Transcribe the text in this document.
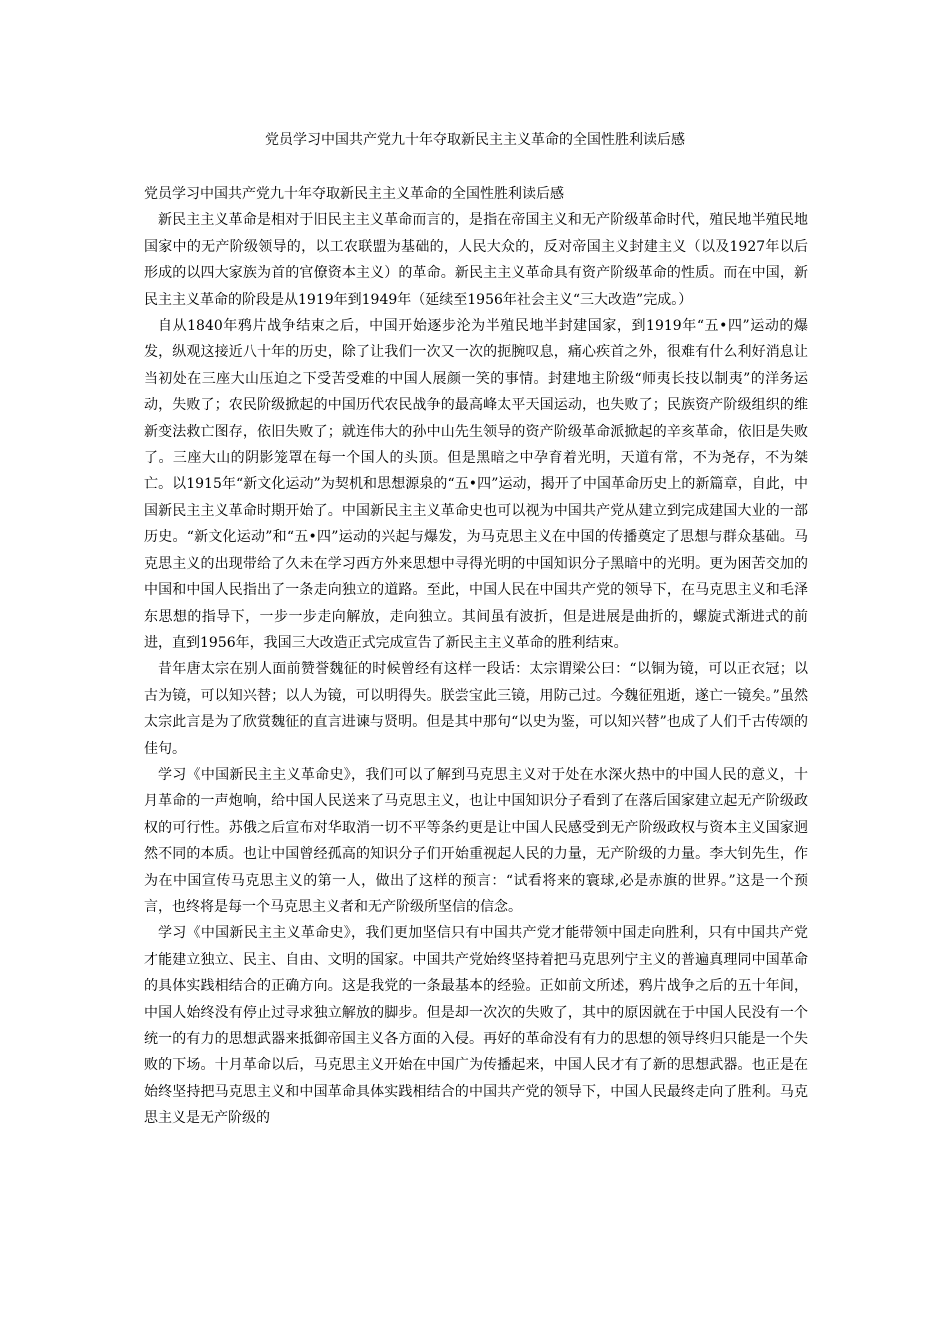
党员学习中国共产党九十年夺取新民主主义革命的全国性胜利读后感

党员学习中国共产党九十年夺取新民主主义革命的全国性胜利读后感

新民主主义革命是相对于旧民主主义革命而言的，是指在帝国主义和无产阶级革命时代，殖民地半殖民地国家中的无产阶级领导的，以工农联盟为基础的，人民大众的，反对帝国主义封建主义（以及1927年以后形成的以四大家族为首的官僚资本主义）的革命。新民主主义革命具有资产阶级革命的性质。而在中国，新民主主义革命的阶段是从1919年到1949年（延续至1956年社会主义“三大改造”完成。）

自从1840年鸦片战争结束之后，中国开始逐步沦为半殖民地半封建国家，到1919年“五•四”运动的爆发，纵观这接近八十年的历史，除了让我们一次又一次的扼腕叹息，痛心疾首之外，很难有什么利好消息让当初处在三座大山压迫之下受苦受难的中国人展颜一笑的事情。封建地主阶级“师夷长技以制夷”的洋务运动，失败了；农民阶级掀起的中国历代农民战争的最高峰太平天国运动，也失败了；民族资产阶级组织的维新变法救亡图存，依旧失败了；就连伟大的孙中山先生领导的资产阶级革命派掀起的辛亥革命，依旧是失败了。三座大山的阴影笼罩在每一个国人的头顶。但是黑暗之中孕育着光明，天道有常，不为尧存，不为桀亡。以1915年“新文化运动”为契机和思想源泉的“五•四”运动，揭开了中国革命历史上的新篇章，自此，中国新民主主义革命时期开始了。中国新民主主义革命史也可以视为中国共产党从建立到完成建国大业的一部历史。“新文化运动”和“五•四”运动的兴起与爆发，为马克思主义在中国的传播奠定了思想与群众基础。马克思主义的出现带给了久未在学习西方外来思想中寻得光明的中国知识分子黑暗中的光明。更为困苦交加的中国和中国人民指出了一条走向独立的道路。至此，中国人民在中国共产党的领导下，在马克思主义和毛泽东思想的指导下，一步一步走向解放，走向独立。其间虽有波折，但是进展是曲折的，螺旋式渐进式的前进，直到1956年，我国三大改造正式完成宣告了新民主主义革命的胜利结束。

昔年唐太宗在别人面前赞誉魏征的时候曾经有这样一段话：太宗谓梁公曰：“以铜为镜，可以正衣冠；以古为镜，可以知兴替；以人为镜，可以明得失。朕尝宝此三镜，用防己过。今魏征殂逝，遂亡一镜矣。”虽然太宗此言是为了欣赏魏征的直言进谏与贤明。但是其中那句“以史为鉴，可以知兴替”也成了人们千古传颂的佳句。

学习《中国新民主主义革命史》，我们可以了解到马克思主义对于处在水深火热中的中国人民的意义，十月革命的一声炮响，给中国人民送来了马克思主义，也让中国知识分子看到了在落后国家建立起无产阶级政权的可行性。苏俄之后宣布对华取消一切不平等条约更是让中国人民感受到无产阶级政权与资本主义国家迥然不同的本质。也让中国曾经孤高的知识分子们开始重视起人民的力量，无产阶级的力量。李大钊先生，作为在中国宣传马克思主义的第一人，做出了这样的预言：“试看将来的寰球,必是赤旗的世界。”这是一个预言，也终将是每一个马克思主义者和无产阶级所坚信的信念。

学习《中国新民主主义革命史》，我们更加坚信只有中国共产党才能带领中国走向胜利，只有中国共产党才能建立独立、民主、自由、文明的国家。中国共产党始终坚持着把马克思列宁主义的普遍真理同中国革命的具体实践相结合的正确方向。这是我党的一条最基本的经验。正如前文所述，鸦片战争之后的五十年间，中国人始终没有停止过寻求独立解放的脚步。但是却一次次的失败了，其中的原因就在于中国人民没有一个统一的有力的思想武器来抵御帝国主义各方面的入侵。再好的革命没有有力的思想的领导终归只能是一个失败的下场。十月革命以后，马克思主义开始在中国广为传播起来，中国人民才有了新的思想武器。也正是在始终坚持把马克思主义和中国革命具体实践相结合的中国共产党的领导下，中国人民最终走向了胜利。马克思主义是无产阶级的
